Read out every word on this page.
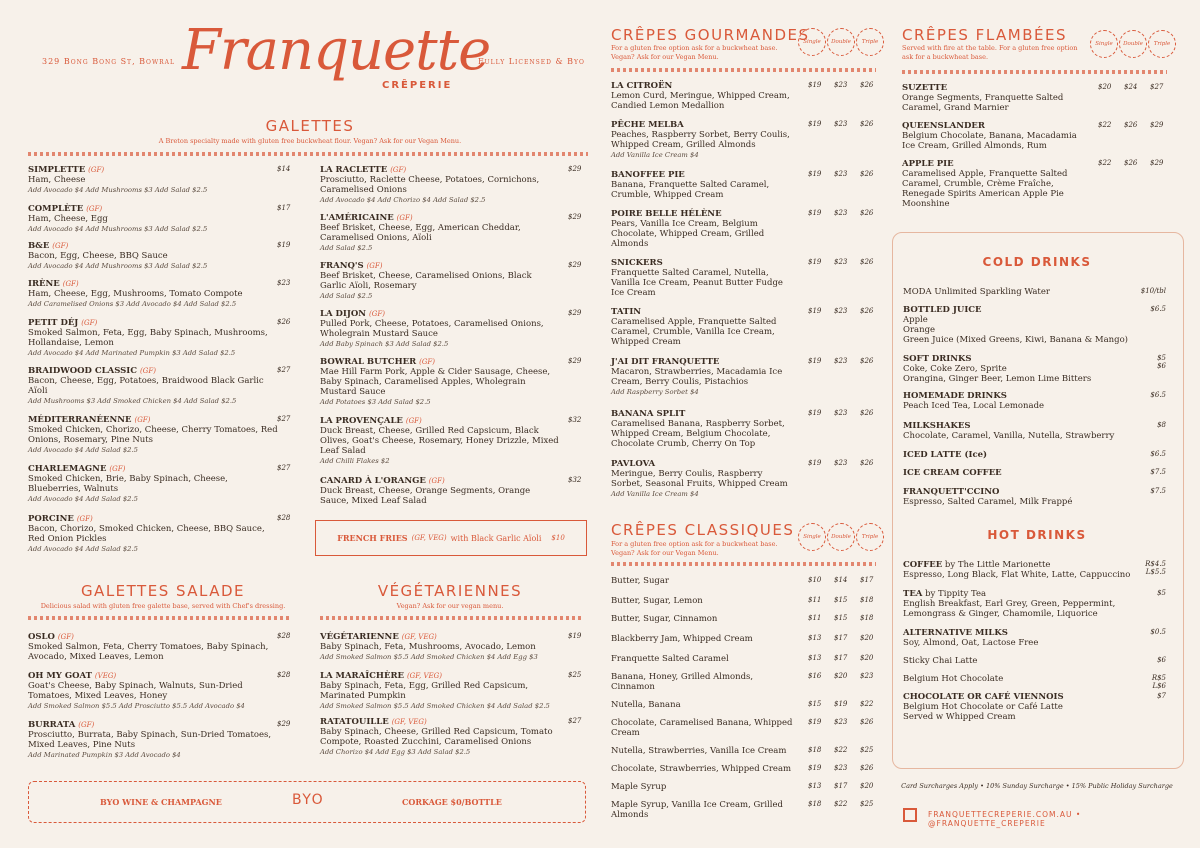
329 Bong Bong St, Bowral Franquette
CRÊPERIE
Fully Licensed & Byo
GALETTES
A Breton specialty made with gluten free buckwheat flour. Vegan? Ask for our Vegan Menu.
SIMPLETTE (GF)
Ham, Cheese
Add Avocado $4 Add Mushrooms $3 Add Salad $2.5
$14
COMPLÈTE (GF)
Ham, Cheese, Egg
Add Avocado $4 Add Mushrooms $3 Add Salad $2.5
$17
B&E (GF)
Bacon, Egg, Cheese, BBQ Sauce
Add Avocado $4 Add Mushrooms $3 Add Salad $2.5
$19
IRÈNE (GF)
Ham, Cheese, Egg, Mushrooms, Tomato Compote
Add Caramelised Onions $3 Add Avocado $4 Add Salad $2.5
$23
PETIT DÉJ (GF)
Smoked Salmon, Feta, Egg, Baby Spinach, Mushrooms, Hollandaise, Lemon
Add Avocado $4 Add Marinated Pumpkin $3 Add Salad $2.5
$26
BRAIDWOOD CLASSIC (GF)
Bacon, Cheese, Egg, Potatoes, Braidwood Black Garlic Aïoli
Add Mushrooms $3 Add Smoked Chicken $4 Add Salad $2.5
$27
MÉDITERRANÉENNE (GF)
Smoked Chicken, Chorizo, Cheese, Cherry Tomatoes, Red Onions, Rosemary, Pine Nuts
Add Avocado $4 Add Salad $2.5
$27
CHARLEMAGNE (GF)
Smoked Chicken, Brie, Baby Spinach, Cheese, Blueberries, Walnuts
Add Avocado $4 Add Salad $2.5
$27
PORCINE (GF)
Bacon, Chorizo, Smoked Chicken, Cheese, BBQ Sauce, Red Onion Pickles
Add Avocado $4 Add Salad $2.5
$28
LA RACLETTE (GF)
Prosciutto, Raclette Cheese, Potatoes, Cornichons, Caramelised Onions
Add Avocado $4 Add Chorizo $4 Add Salad $2.5
$29
L'AMÉRICAINE (GF)
Beef Brisket, Cheese, Egg, American Cheddar, Caramelised Onions, Aïoli
Add Salad $2.5
$29
FRANQ'S (GF)
Beef Brisket, Cheese, Caramelised Onions, Black Garlic Aïoli, Rosemary
Add Salad $2.5
$29
LA DIJON (GF)
Pulled Pork, Cheese, Potatoes, Caramelised Onions, Wholegrain Mustard Sauce
Add Baby Spinach $3 Add Salad $2.5
$29
BOWRAL BUTCHER (GF)
Mae Hill Farm Pork, Apple & Cider Sausage, Cheese, Baby Spinach, Caramelised Apples, Wholegrain Mustard Sauce
Add Potatoes $3 Add Salad $2.5
$29
LA PROVENÇALE (GF)
Duck Breast, Cheese, Grilled Red Capsicum, Black Olives, Goat's Cheese, Rosemary, Honey Drizzle, Mixed Leaf Salad
Add Chilli Flakes $2
$32
CANARD À L'ORANGE (GF)
Duck Breast, Cheese, Orange Segments, Orange Sauce, Mixed Leaf Salad
$32
FRENCH FRIES (GF, VEG) with Black Garlic Aïoli $10
GALETTES SALADE
Delicious salad with gluten free galette base, served with Chef's dressing.
OSLO (GF)
Smoked Salmon, Feta, Cherry Tomatoes, Baby Spinach, Avocado, Mixed Leaves, Lemon
$28
OH MY GOAT (VEG)
Goat's Cheese, Baby Spinach, Walnuts, Sun-Dried Tomatoes, Mixed Leaves, Honey
Add Smoked Salmon $5.5 Add Prosciutto $5.5 Add Avocado $4
$28
BURRATA (GF)
Prosciutto, Burrata, Baby Spinach, Sun-Dried Tomatoes, Mixed Leaves, Pine Nuts
Add Marinated Pumpkin $3 Add Avocado $4
$29
VÉGÉTARIENNES
Vegan? Ask for our vegan menu.
VÉGÉTARIENNE (GF, VEG)
Baby Spinach, Feta, Mushrooms, Avocado, Lemon
Add Smoked Salmon $5.5 Add Smoked Chicken $4 Add Egg $3
$19
LA MARAÎCHÈRE (GF, VEG)
Baby Spinach, Feta, Egg, Grilled Red Capsicum, Marinated Pumpkin
Add Smoked Salmon $5.5 Add Smoked Chicken $4 Add Salad $2.5
$25
RATATOUILLE (GF, VEG)
Baby Spinach, Cheese, Grilled Red Capsicum, Tomato Compote, Roasted Zucchini, Caramelised Onions
Add Chorizo $4 Add Egg $3 Add Salad $2.5
$27
BYO WINE & CHAMPAGNE	BYO	CORKAGE $0/BOTTLE
CRÊPES GOURMANDES
For a gluten free option ask for a buckwheat base. Vegan? Ask for our Vegan Menu.
Single	Double	Triple
LA CITROËN
Lemon Curd, Meringue, Whipped Cream, Candied Lemon Medallion
$19 $23 $26
PÊCHE MELBA
Peaches, Raspberry Sorbet, Berry Coulis, Whipped Cream, Grilled Almonds
Add Vanilla Ice Cream $4
$19 $23 $26
BANOFFEE PIE
Banana, Franquette Salted Caramel, Crumble, Whipped Cream
$19 $23 $26
POIRE BELLE HÉLÈNE
Pears, Vanilla Ice Cream, Belgium Chocolate, Whipped Cream, Grilled Almonds
$19 $23 $26
SNICKERS
Franquette Salted Caramel, Nutella, Vanilla Ice Cream, Peanut Butter Fudge Ice Cream
$19 $23 $26
TATIN
Caramelised Apple, Franquette Salted Caramel, Crumble, Vanilla Ice Cream, Whipped Cream
$19 $23 $26
J'AI DIT FRANQUETTE
Macaron, Strawberries, Macadamia Ice Cream, Berry Coulis, Pistachios
Add Raspberry Sorbet $4
$19 $23 $26
BANANA SPLIT
Caramelised Banana, Raspberry Sorbet, Whipped Cream, Belgium Chocolate, Chocolate Crumb, Cherry On Top
$19 $23 $26
PAVLOVA
Meringue, Berry Coulis, Raspberry Sorbet, Seasonal Fruits, Whipped Cream
Add Vanilla Ice Cream $4
$19 $23 $26
CRÊPES CLASSIQUES
For a gluten free option ask for a buckwheat base. Vegan? Ask for our Vegan Menu.
Single	Double	Triple
Butter, Sugar	$10 $14 $17
Butter, Sugar, Lemon	$11 $15 $18
Butter, Sugar, Cinnamon	$11 $15 $18
Blackberry Jam, Whipped Cream	$13 $17 $20
Franquette Salted Caramel	$13 $17 $20
Banana, Honey, Grilled Almonds, Cinnamon
$16 $20 $23
Nutella, Banana	$15 $19 $22
Chocolate, Caramelised Banana, Whipped Cream
$19 $23 $26
Nutella, Strawberries, Vanilla Ice Cream	$18 $22 $25
Chocolate, Strawberries, Whipped Cream	$19 $23 $26
Maple Syrup	$13 $17 $20
Maple Syrup, Vanilla Ice Cream, Grilled Almonds
$18 $22 $25
CRÊPES FLAMBÉES
Served with fire at the table. For a gluten free option ask for a buckwheat base.
Single	Double	Triple
SUZETTE
Orange Segments, Franquette Salted Caramel, Grand Marnier
$20 $24 $27
QUEENSLANDER
Belgium Chocolate, Banana, Macadamia Ice Cream, Grilled Almonds, Rum
$22 $26 $29
APPLE PIE
Caramelised Apple, Franquette Salted Caramel, Crumble, Crème Fraîche, Renegade Spirits American Apple Pie Moonshine
$22 $26 $29
COLD DRINKS
MODA Unlimited Sparkling Water	$10/tbl
BOTTLED JUICE
Apple
Orange
Green Juice (Mixed Greens, Kiwi, Banana & Mango)
$6.5
SOFT DRINKS
Coke, Coke Zero, Sprite
Orangina, Ginger Beer, Lemon Lime Bitters
$5
$6
HOMEMADE DRINKS
Peach Iced Tea, Local Lemonade
$6.5
MILKSHAKES
Chocolate, Caramel, Vanilla, Nutella, Strawberry
$8
ICED LATTE (Ice)	$6.5
ICE CREAM COFFEE	$7.5
FRANQUETT'CCINO
Espresso, Salted Caramel, Milk Frappé
$7.5
HOT DRINKS
COFFEE by The Little Marionette
Espresso, Long Black, Flat White, Latte, Cappuccino
R$4.5
L$5.5
TEA by Tippity Tea
English Breakfast, Earl Grey, Green, Peppermint, Lemongrass & Ginger, Chamomile, Liquorice
$5
ALTERNATIVE MILKS
Soy, Almond, Oat, Lactose Free
$0.5
Sticky Chai Latte	$6
Belgium Hot Chocolate	R$5
L$6
CHOCOLATE OR CAFÉ VIENNOIS
Belgium Hot Chocolate or Café Latte
Served w Whipped Cream
$7
Card Surcharges Apply • 10% Sunday Surcharge • 15% Public Holiday Surcharge
FRANQUETTECREPERIE.COM.AU • @FRANQUETTE_CREPERIE
